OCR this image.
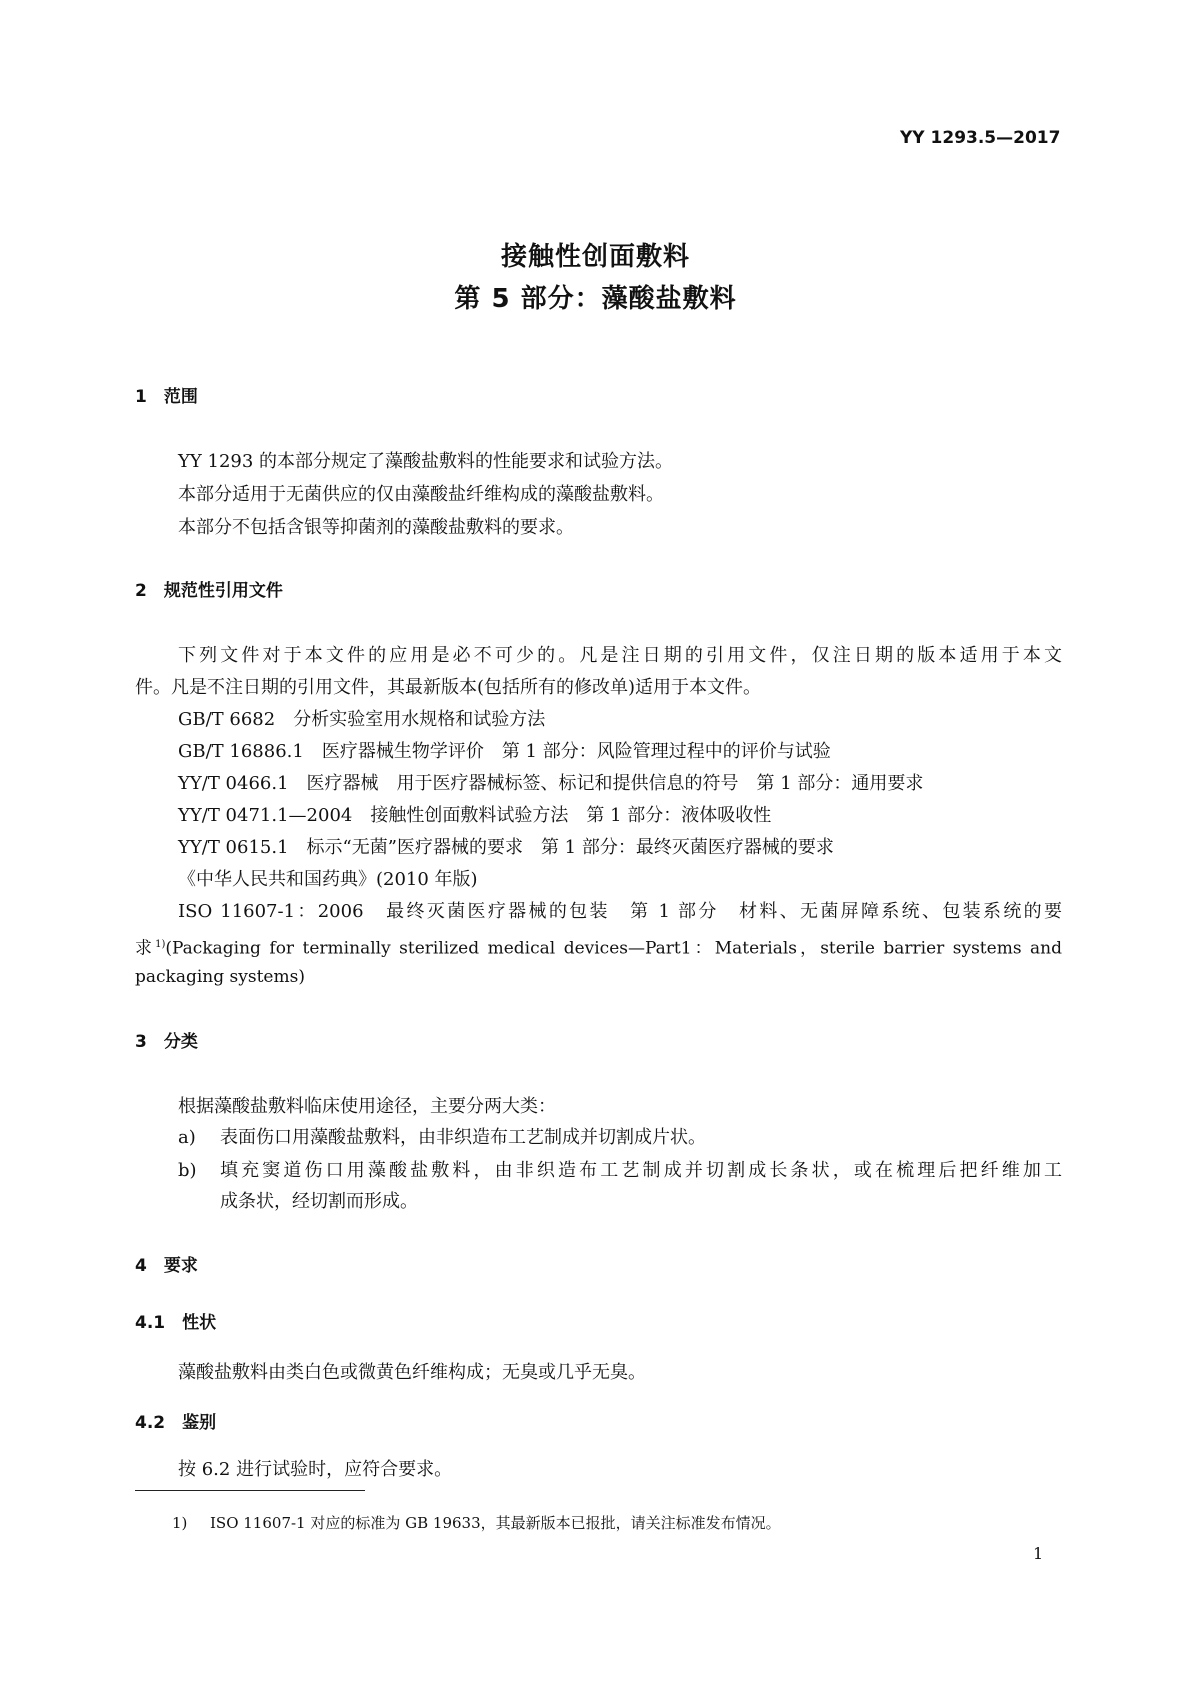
YY 1293.5—2017
接触性创面敷料
第 5 部分：藻酸盐敷料
1　范围
YY 1293 的本部分规定了藻酸盐敷料的性能要求和试验方法。
本部分适用于无菌供应的仅由藻酸盐纤维构成的藻酸盐敷料。
本部分不包括含银等抑菌剂的藻酸盐敷料的要求。
2　规范性引用文件
下列文件对于本文件的应用是必不可少的。凡是注日期的引用文件，仅注日期的版本适用于本文
件。凡是不注日期的引用文件，其最新版本(包括所有的修改单)适用于本文件。
GB/T 6682　分析实验室用水规格和试验方法
GB/T 16886.1　医疗器械生物学评价　第 1 部分：风险管理过程中的评价与试验
YY/T 0466.1　医疗器械　用于医疗器械标签、标记和提供信息的符号　第 1 部分：通用要求
YY/T 0471.1—2004　接触性创面敷料试验方法　第 1 部分：液体吸收性
YY/T 0615.1　标示“无菌”医疗器械的要求　第 1 部分：最终灭菌医疗器械的要求
《中华人民共和国药典》(2010 年版)
ISO 11607-1：2006　最终灭菌医疗器械的包装　第 1 部分　材料、无菌屏障系统、包装系统的要
求$^{1)}$(Packaging for terminally sterilized medical devices—Part1：Materials，sterile barrier systems and
packaging systems)
3　分类
根据藻酸盐敷料临床使用途径，主要分两大类：
a) 表面伤口用藻酸盐敷料，由非织造布工艺制成并切割成片状。
b) 填充窦道伤口用藻酸盐敷料，由非织造布工艺制成并切割成长条状，或在梳理后把纤维加工
成条状，经切割而形成。
4　要求
4.1　性状
藻酸盐敷料由类白色或微黄色纤维构成；无臭或几乎无臭。
4.2　鉴别
按 6.2 进行试验时，应符合要求。
1) ISO 11607-1 对应的标准为 GB 19633，其最新版本已报批，请关注标准发布情况。
1
